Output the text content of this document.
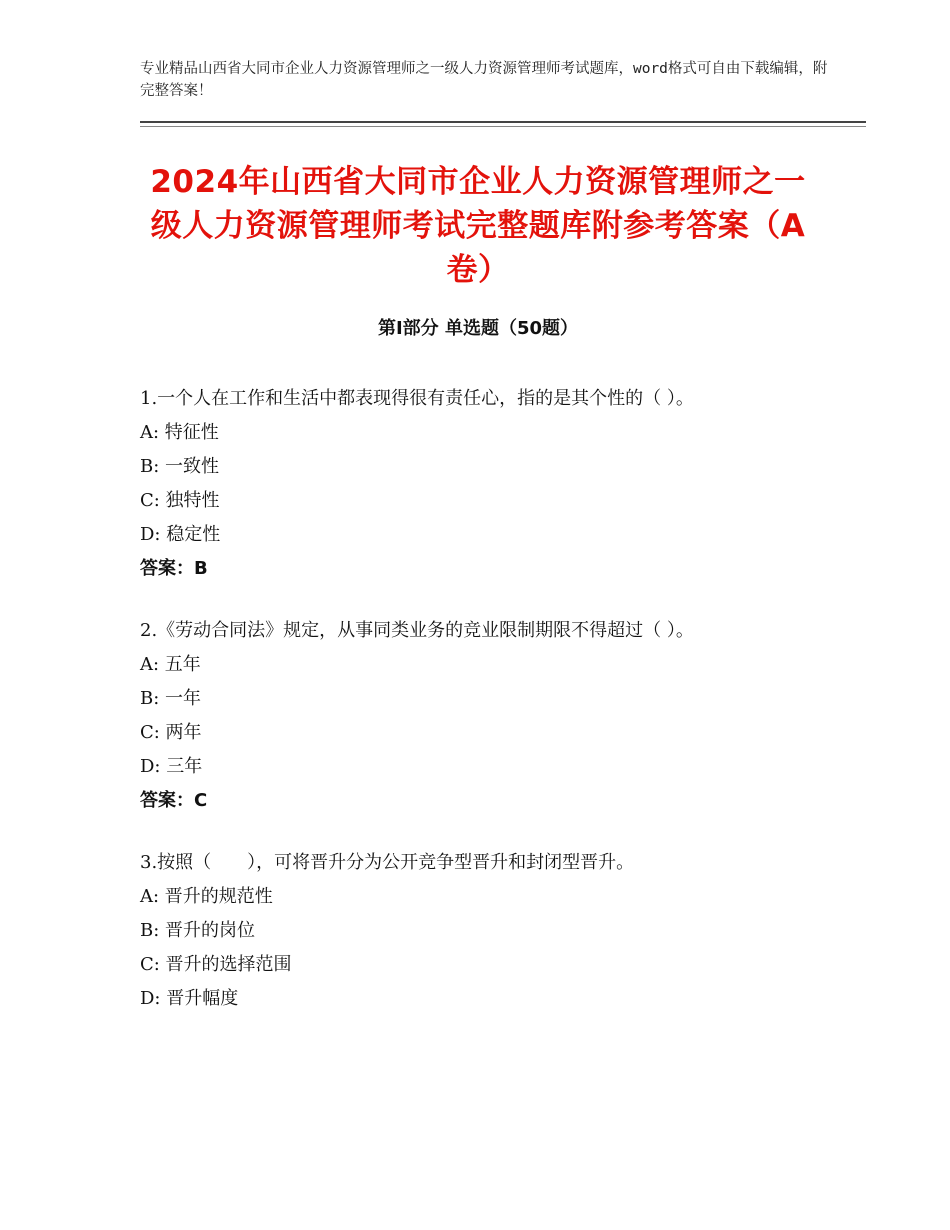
专业精品山西省大同市企业人力资源管理师之一级人力资源管理师考试题库，word格式可自由下载编辑，附完整答案！
2024年山西省大同市企业人力资源管理师之一级人力资源管理师考试完整题库附参考答案（A卷）
第Ⅰ部分 单选题（50题）
1.一个人在工作和生活中都表现得很有责任心，指的是其个性的（ ）。
A: 特征性
B: 一致性
C: 独特性
D: 稳定性
答案：B
2.《劳动合同法》规定，从事同类业务的竞业限制期限不得超过（ ）。
A: 五年
B: 一年
C: 两年
D: 三年
答案：C
3.按照（　　），可将晋升分为公开竞争型晋升和封闭型晋升。
A: 晋升的规范性
B: 晋升的岗位
C: 晋升的选择范围
D: 晋升幅度
